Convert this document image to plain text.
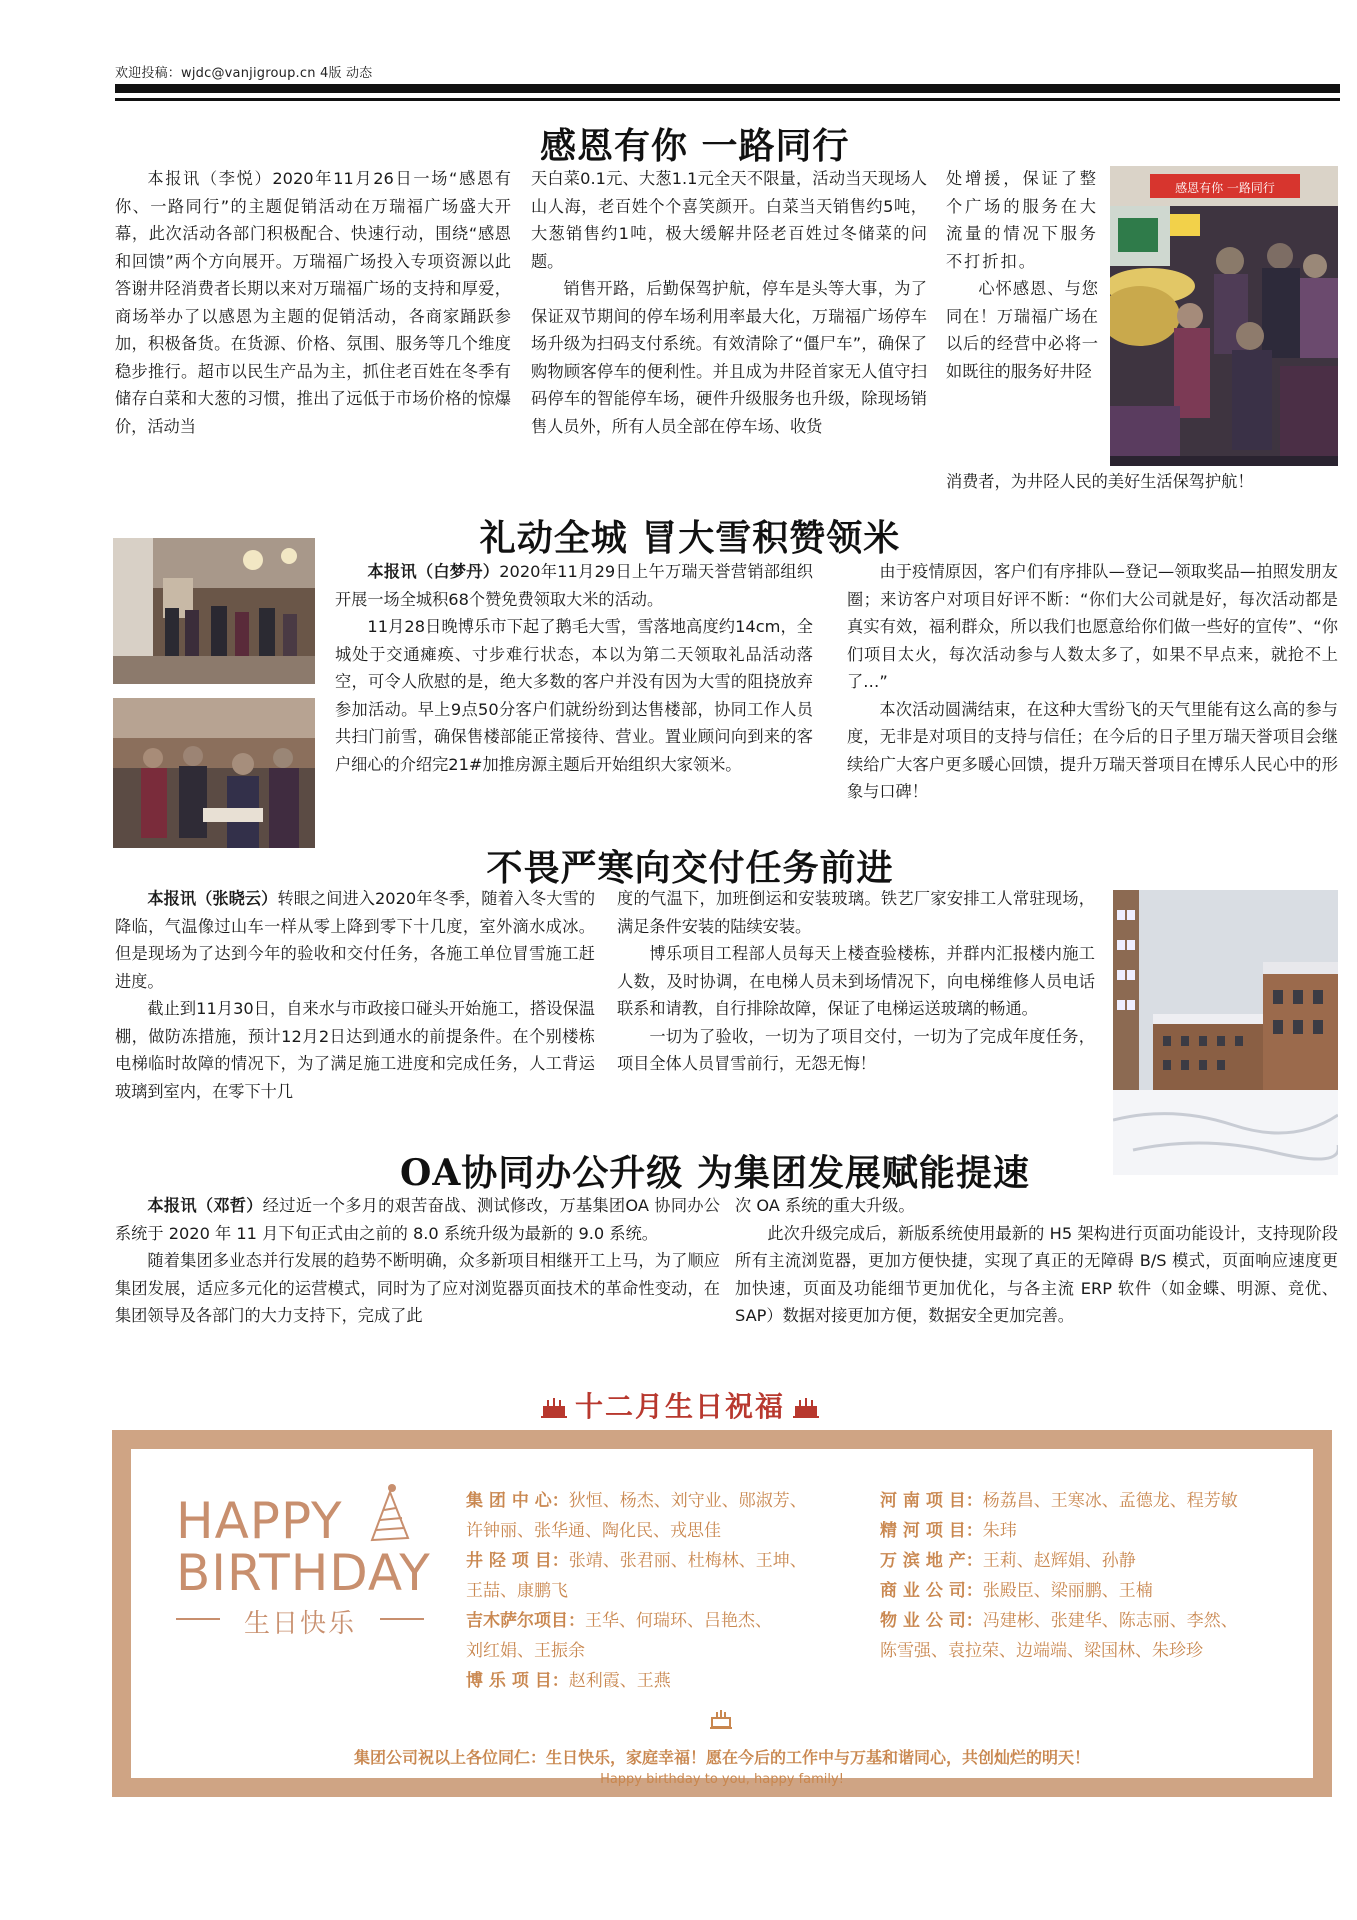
欢迎投稿：wjdc@vanjigroup.cn 4版 动态
感恩有你 一路同行

本报讯（李悦）2020年11月26日一场“感恩有你、一路同行”的主题促销活动在万瑞福广场盛大开幕，此次活动各部门积极配合、快速行动，围绕“感恩和回馈”两个方向展开。万瑞福广场投入专项资源以此答谢井陉消费者长期以来对万瑞福广场的支持和厚爱，商场举办了以感恩为主题的促销活动，各商家踊跃参加，积极备货。在货源、价格、氛围、服务等几个维度稳步推行。超市以民生产品为主，抓住老百姓在冬季有储存白菜和大葱的习惯，推出了远低于市场价格的惊爆价，活动当

天白菜0.1元、大葱1.1元全天不限量，活动当天现场人山人海，老百姓个个喜笑颜开。白菜当天销售约5吨，大葱销售约1吨，极大缓解井陉老百姓过冬储菜的问题。

销售开路，后勤保驾护航，停车是头等大事，为了保证双节期间的停车场利用率最大化，万瑞福广场停车场升级为扫码支付系统。有效清除了“僵尸车”，确保了购物顾客停车的便利性。并且成为井陉首家无人值守扫码停车的智能停车场，硬件升级服务也升级，除现场销售人员外，所有人员全部在停车场、收货

处增援，保证了整个广场的服务在大流量的情况下服务不打折扣。

心怀感恩、与您同在！万瑞福广场在以后的经营中必将一如既往的服务好井陉

消费者，为井陉人民的美好生活保驾护航！

感恩有你 一路同行
礼动全城 冒大雪积赞领米

本报讯（白梦丹）2020年11月29日上午万瑞天誉营销部组织开展一场全城积68个赞免费领取大米的活动。

11月28日晚博乐市下起了鹅毛大雪，雪落地高度约14cm，全城处于交通瘫痪、寸步难行状态，本以为第二天领取礼品活动落空，可令人欣慰的是，绝大多数的客户并没有因为大雪的阻挠放弃参加活动。早上9点50分客户们就纷纷到达售楼部，协同工作人员共扫门前雪，确保售楼部能正常接待、营业。置业顾问向到来的客户细心的介绍完21#加推房源主题后开始组织大家领米。

由于疫情原因，客户们有序排队—登记—领取奖品—拍照发朋友圈；来访客户对项目好评不断：“你们大公司就是好，每次活动都是真实有效，福利群众，所以我们也愿意给你们做一些好的宣传”、“你们项目太火，每次活动参与人数太多了，如果不早点来，就抢不上了…”

本次活动圆满结束，在这种大雪纷飞的天气里能有这么高的参与度，无非是对项目的支持与信任；在今后的日子里万瑞天誉项目会继续给广大客户更多暖心回馈，提升万瑞天誉项目在博乐人民心中的形象与口碑！

不畏严寒向交付任务前进

本报讯（张晓云）转眼之间进入2020年冬季，随着入冬大雪的降临，气温像过山车一样从零上降到零下十几度，室外滴水成冰。但是现场为了达到今年的验收和交付任务，各施工单位冒雪施工赶进度。

截止到11月30日，自来水与市政接口碰头开始施工，搭设保温棚，做防冻措施，预计12月2日达到通水的前提条件。在个别楼栋电梯临时故障的情况下，为了满足施工进度和完成任务，人工背运玻璃到室内，在零下十几

度的气温下，加班倒运和安装玻璃。铁艺厂家安排工人常驻现场，满足条件安装的陆续安装。

博乐项目工程部人员每天上楼查验楼栋，并群内汇报楼内施工人数，及时协调，在电梯人员未到场情况下，向电梯维修人员电话联系和请教，自行排除故障，保证了电梯运送玻璃的畅通。

一切为了验收，一切为了项目交付，一切为了完成年度任务，项目全体人员冒雪前行，无怨无悔！

OA协同办公升级 为集团发展赋能提速

本报讯（邓哲）经过近一个多月的艰苦奋战、测试修改，万基集团OA 协同办公系统于 2020 年 11 月下旬正式由之前的 8.0 系统升级为最新的 9.0 系统。

随着集团多业态并行发展的趋势不断明确，众多新项目相继开工上马，为了顺应集团发展，适应多元化的运营模式，同时为了应对浏览器页面技术的革命性变动，在集团领导及各部门的大力支持下，完成了此

次 OA 系统的重大升级。

此次升级完成后，新版系统使用最新的 H5 架构进行页面功能设计，支持现阶段所有主流浏览器，更加方便快捷，实现了真正的无障碍 B/S 模式，页面响应速度更加快速，页面及功能细节更加优化，与各主流 ERP 软件（如金蝶、明源、竞优、SAP）数据对接更加方便，数据安全更加完善。

十二月生日祝福
HAPPY
BIRTHDAY
生日快乐
集 团 中 心：狄恒、杨杰、刘守业、郧淑芳、
许钟丽、张华通、陶化民、戎思佳
井 陉 项 目：张靖、张君丽、杜梅林、王坤、
王喆、康鹏飞
吉木萨尔项目：王华、何瑞环、吕艳杰、
刘红娟、王振余
博 乐 项 目：赵利霞、王燕
河 南 项 目：杨荔昌、王寒冰、孟德龙、程芳敏
精 河 项 目：朱玮
万 滨 地 产：王莉、赵辉娟、孙静
商 业 公 司：张殿臣、梁丽鹏、王楠
物 业 公 司：冯建彬、张建华、陈志丽、李然、
陈雪强、袁拉荣、边端端、梁国林、朱珍珍
集团公司祝以上各位同仁：生日快乐，家庭幸福！愿在今后的工作中与万基和谐同心，共创灿烂的明天！
Happy birthday to you, happy family!
